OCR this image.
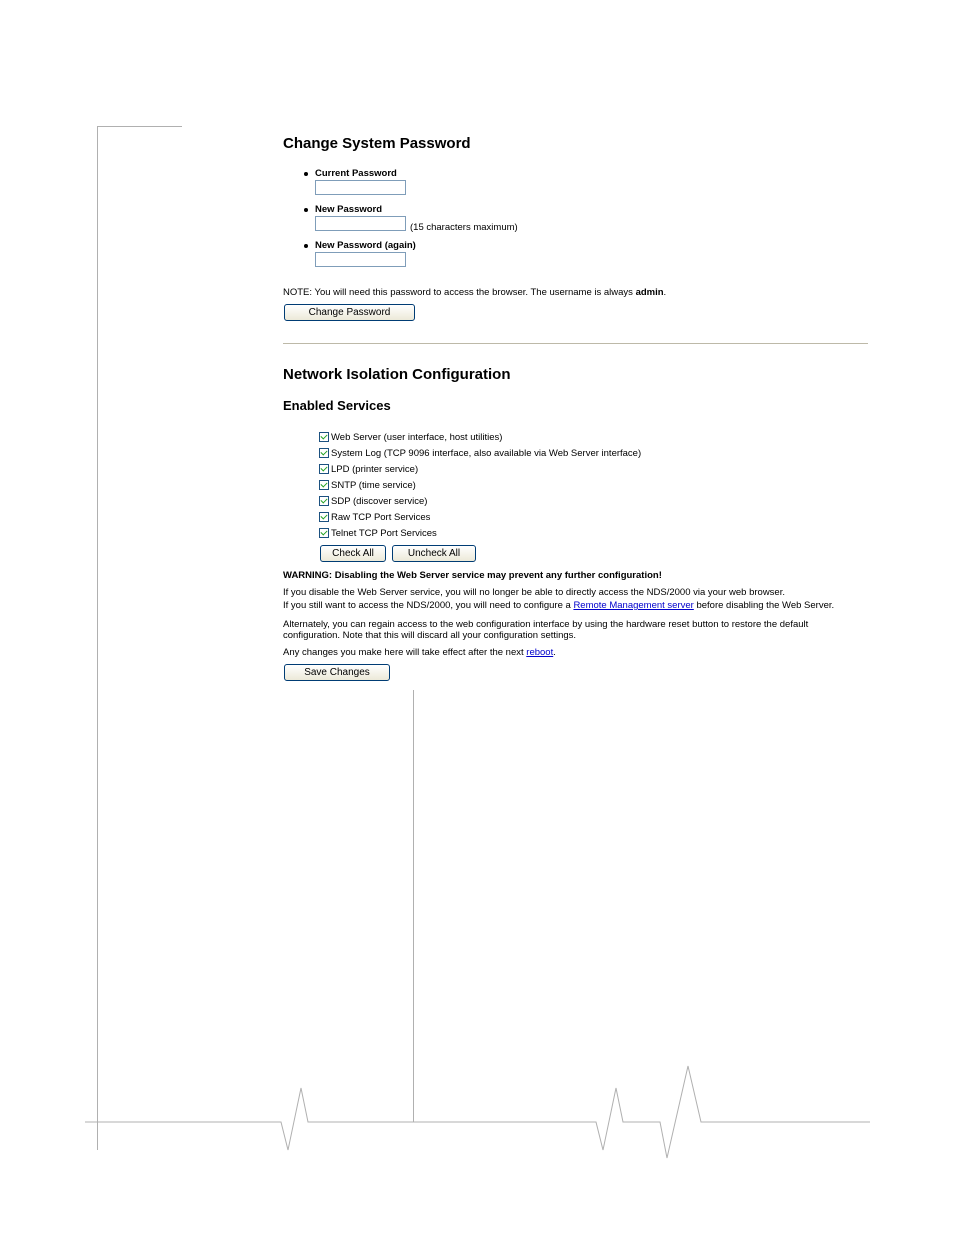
Change System Password
Current Password
New Password
(15 characters maximum)
New Password (again)
NOTE: You will need this password to access the browser. The username is always admin.
Change Password
Network Isolation Configuration
Enabled Services
Web Server (user interface, host utilities)
System Log (TCP 9096 interface, also available via Web Server interface)
LPD (printer service)
SNTP (time service)
SDP (discover service)
Raw TCP Port Services
Telnet TCP Port Services
Check All	Uncheck All
WARNING: Disabling the Web Server service may prevent any further configuration!
If you disable the Web Server service, you will no longer be able to directly access the NDS/2000 via your web browser.
If you still want to access the NDS/2000, you will need to configure a Remote Management server before disabling the Web Server.
Alternately, you can regain access to the web configuration interface by using the hardware reset button to restore the default
configuration. Note that this will discard all your configuration settings.
Any changes you make here will take effect after the next reboot.
Save Changes
